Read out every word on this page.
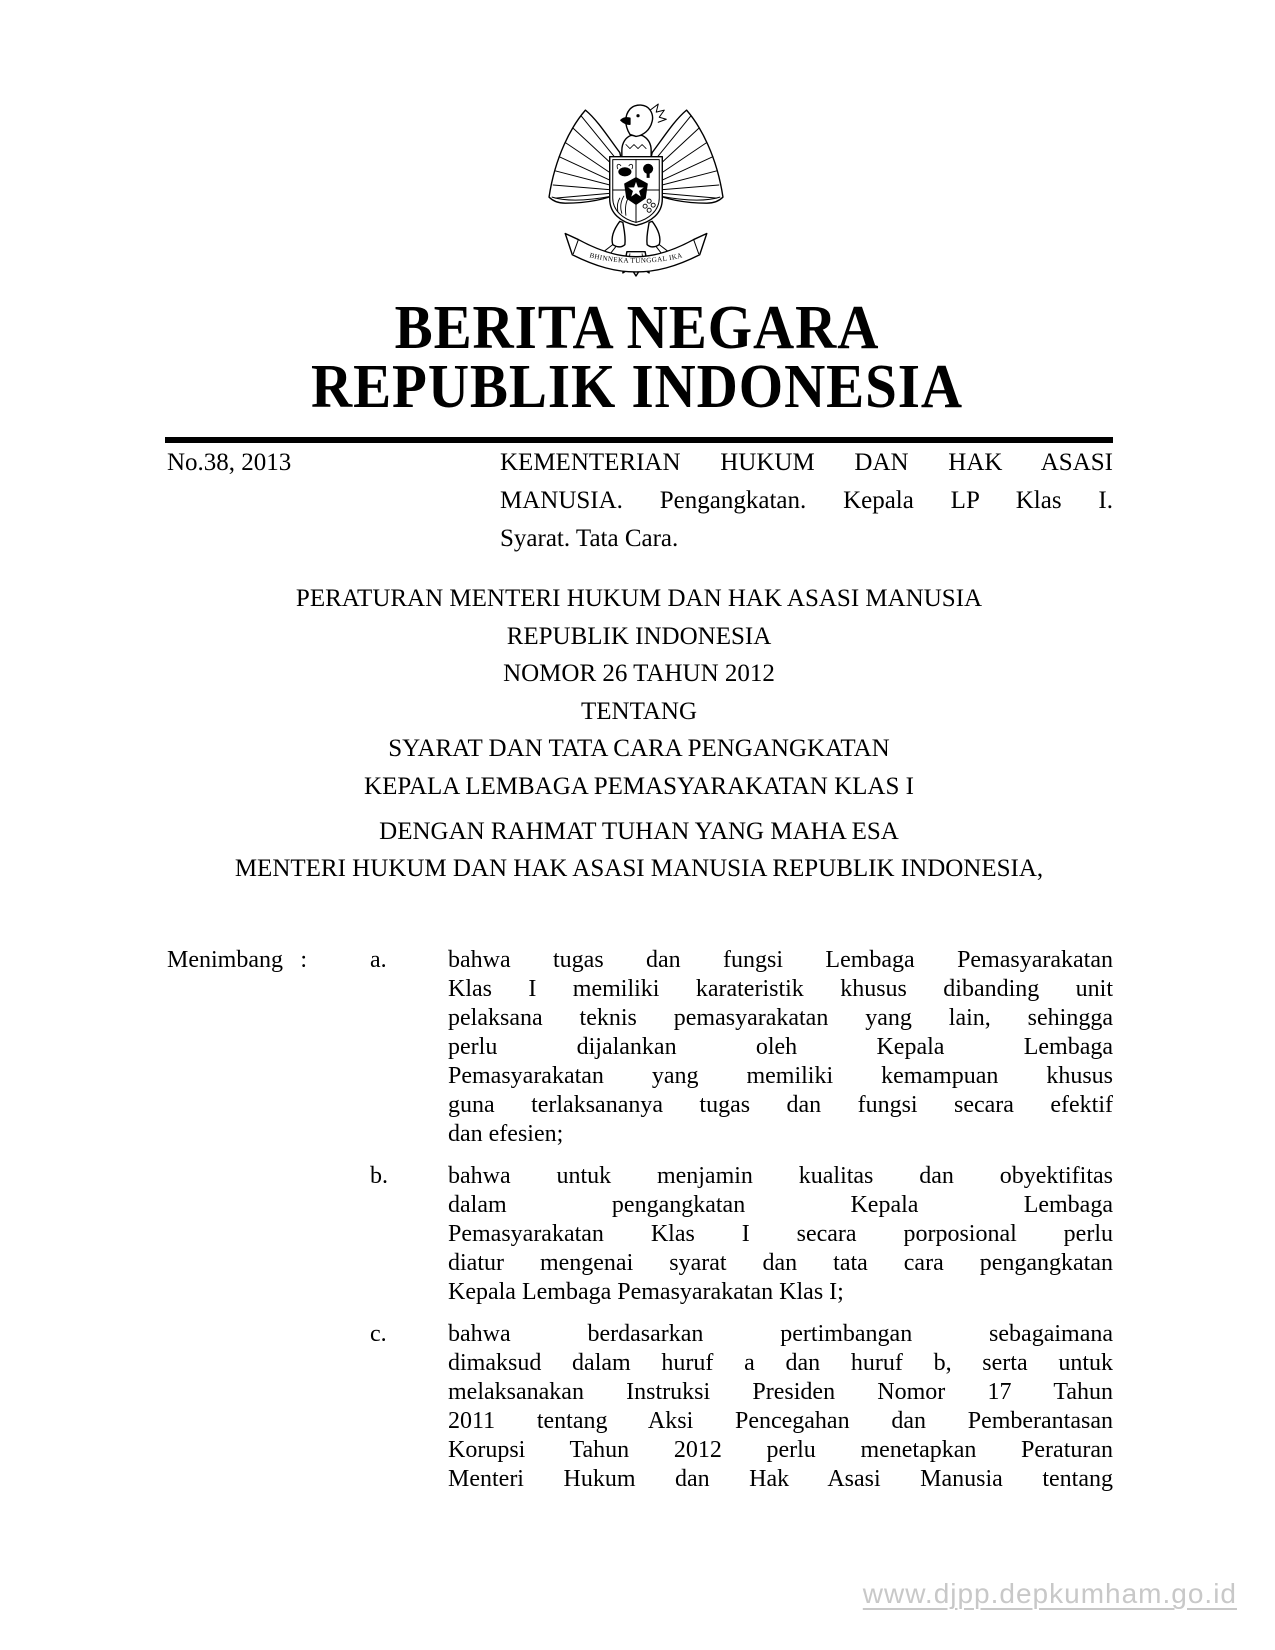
BHINNEKA TUNGGAL IKA
BERITA NEGARA
REPUBLIK INDONESIA
No.38, 2013	KEMENTERIAN HUKUM DAN HAK ASASI
MANUSIA. Pengangkatan. Kepala LP Klas I.
Syarat. Tata Cara.
PERATURAN MENTERI HUKUM DAN HAK ASASI MANUSIA
REPUBLIK INDONESIA
NOMOR 26 TAHUN 2012
TENTANG
SYARAT DAN TATA CARA PENGANGKATAN
KEPALA LEMBAGA PEMASYARAKATAN KLAS I
DENGAN RAHMAT TUHAN YANG MAHA ESA
MENTERI HUKUM DAN HAK ASASI MANUSIA REPUBLIK INDONESIA,
Menimbang :	a.	bahwa tugas dan fungsi Lembaga Pemasyarakatan
Klas I memiliki karateristik khusus dibanding unit
pelaksana teknis pemasyarakatan yang lain, sehingga
perlu dijalankan oleh Kepala Lembaga
Pemasyarakatan yang memiliki kemampuan khusus
guna terlaksananya tugas dan fungsi secara efektif
dan efesien;
b.	bahwa untuk menjamin kualitas dan obyektifitas
dalam pengangkatan Kepala Lembaga
Pemasyarakatan Klas I secara porposional perlu
diatur mengenai syarat dan tata cara pengangkatan
Kepala Lembaga Pemasyarakatan Klas I;
c.	bahwa berdasarkan pertimbangan sebagaimana
dimaksud dalam huruf a dan huruf b, serta untuk
melaksanakan Instruksi Presiden Nomor 17 Tahun
2011 tentang Aksi Pencegahan dan Pemberantasan
Korupsi Tahun 2012 perlu menetapkan Peraturan
Menteri Hukum dan Hak Asasi Manusia tentang
www.djpp.depkumham.go.id
